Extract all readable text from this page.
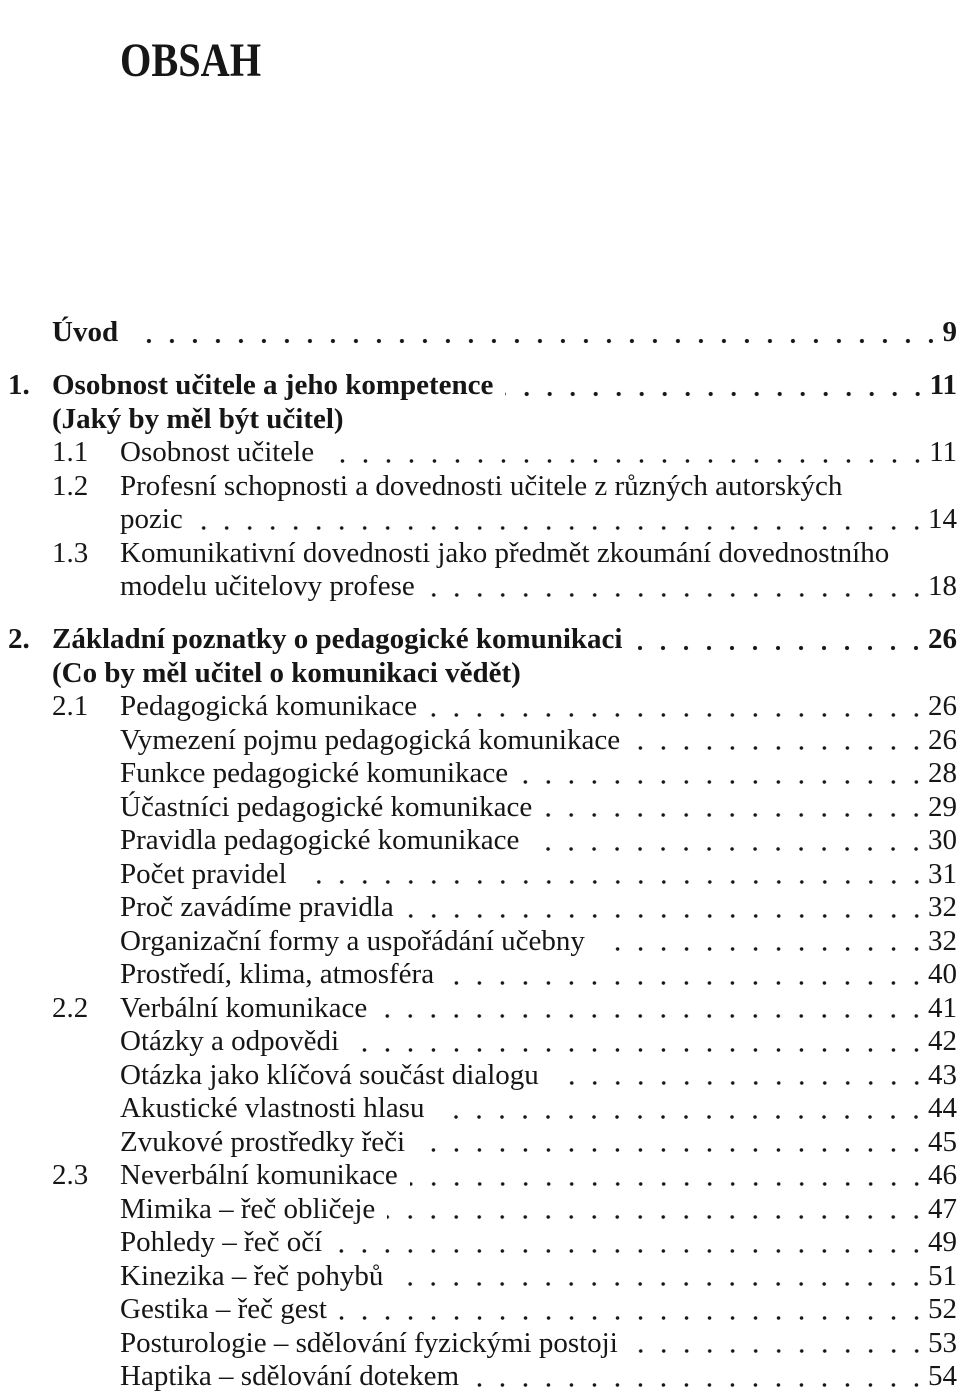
OBSAH
Úvod	9
1. Osobnost učitele a jeho kompetence	11
(Jaký by měl být učitel)
1.1 Osobnost učitele	11
1.2 Profesní schopnosti a dovednosti učitele z různých autorských
pozic	14
1.3 Komunikativní dovednosti jako předmět zkoumání dovednostního
modelu učitelovy profese	18
2. Základní poznatky o pedagogické komunikaci	26
(Co by měl učitel o komunikaci vědět)
2.1 Pedagogická komunikace	26
Vymezení pojmu pedagogická komunikace	26
Funkce pedagogické komunikace	28
Účastníci pedagogické komunikace	29
Pravidla pedagogické komunikace	30
Počet pravidel	31
Proč zavádíme pravidla	32
Organizační formy a uspořádání učebny	32
Prostředí, klima, atmosféra	40
2.2 Verbální komunikace	41
Otázky a odpovědi	42
Otázka jako klíčová součást dialogu	43
Akustické vlastnosti hlasu	44
Zvukové prostředky řeči	45
2.3 Neverbální komunikace	46
Mimika – řeč obličeje	47
Pohledy – řeč očí	49
Kinezika – řeč pohybů	51
Gestika – řeč gest	52
Posturologie – sdělování fyzickými postoji	53
Haptika – sdělování dotekem	54
